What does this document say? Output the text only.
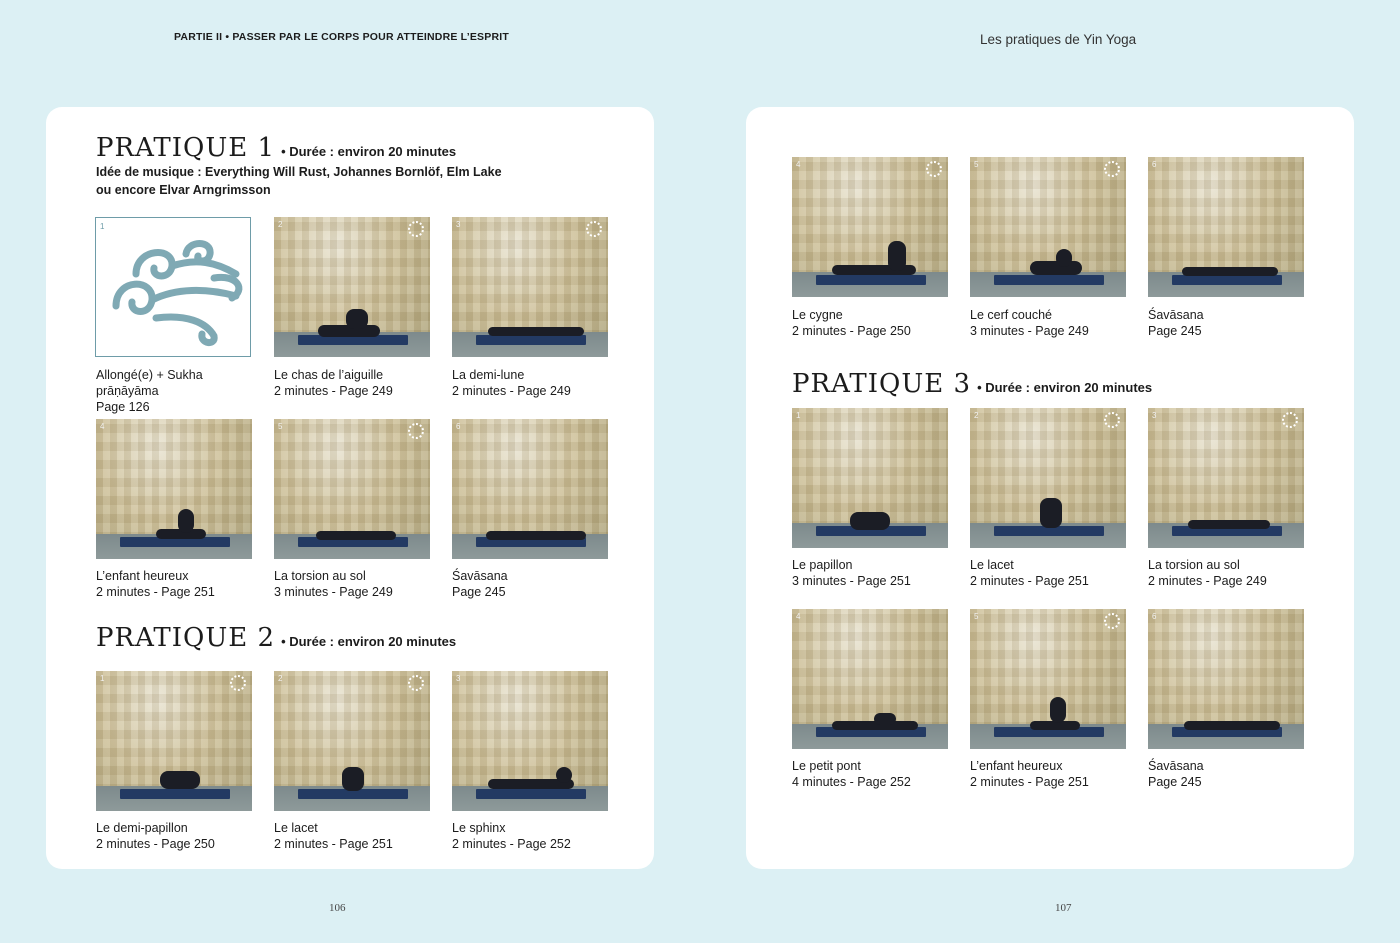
PARTIE II • PASSER PAR LE CORPS POUR ATTEINDRE L’ESPRIT	Les pratiques de Yin Yoga
PRATIQUE 1 • Durée : environ 20 minutes
Idée de musique : Everything Will Rust, Johannes Bornlöf, Elm Lake
ou encore Elvar Arngrimsson
1
Allongé(e) + Sukha
prāṇāyāma
Page 126
2
Le chas de l’aiguille
2 minutes - Page 249
3
La demi-lune
2 minutes - Page 249
4
L’enfant heureux
2 minutes - Page 251
5
La torsion au sol
3 minutes - Page 249
6
Śavāsana
Page 245
PRATIQUE 2 • Durée : environ 20 minutes
1
Le demi-papillon
2 minutes - Page 250
2
Le lacet
2 minutes - Page 251
3
Le sphinx
2 minutes - Page 252
4
Le cygne
2 minutes - Page 250
5
Le cerf couché
3 minutes - Page 249
6
Śavāsana
Page 245
PRATIQUE 3 • Durée : environ 20 minutes
1
Le papillon
3 minutes - Page 251
2
Le lacet
2 minutes - Page 251
3
La torsion au sol
2 minutes - Page 249
4
Le petit pont
4 minutes - Page 252
5
L’enfant heureux
2 minutes - Page 251
6
Śavāsana
Page 245
106	107
